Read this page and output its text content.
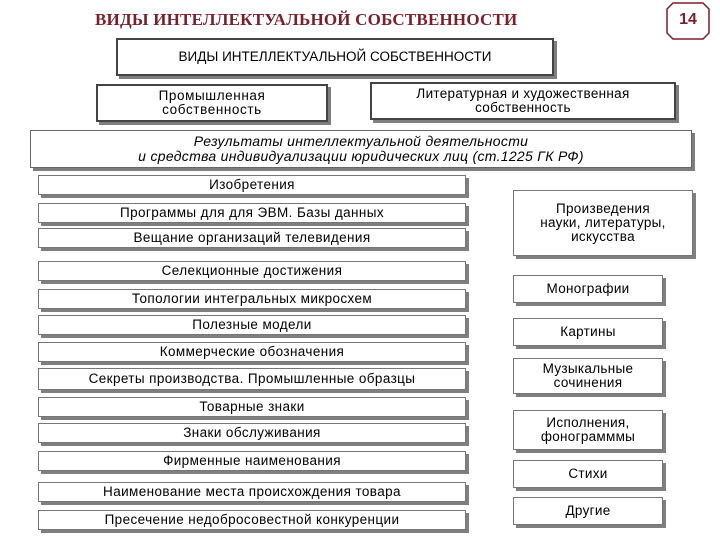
ВИДЫ ИНТЕЛЛЕКТУАЛЬНОЙ СОБСТВЕННОСТИ	14
ВИДЫ ИНТЕЛЛЕКТУАЛЬНОЙ СОБСТВЕННОСТИ
Промышленная
собственность
Литературная и художественная
собственность
Результаты интеллектуальной деятельности
и средства индивидуализации юридических лиц (ст.1225 ГК РФ)
Изобретения
Программы для для ЭВМ. Базы данных
Вещание организаций телевидения
Селекционные достижения
Топологии интегральных микросхем
Полезные модели
Коммерческие обозначения
Секреты производства. Промышленные образцы
Товарные знаки
Знаки обслуживания
Фирменные наименования
Наименование места происхождения товара
Пресечение недобросовестной конкуренции
Произведения
науки, литературы,
искусства
Монографии
Картины
Музыкальные
сочинения
Исполнения,
фонограмммы
Стихи
Другие
